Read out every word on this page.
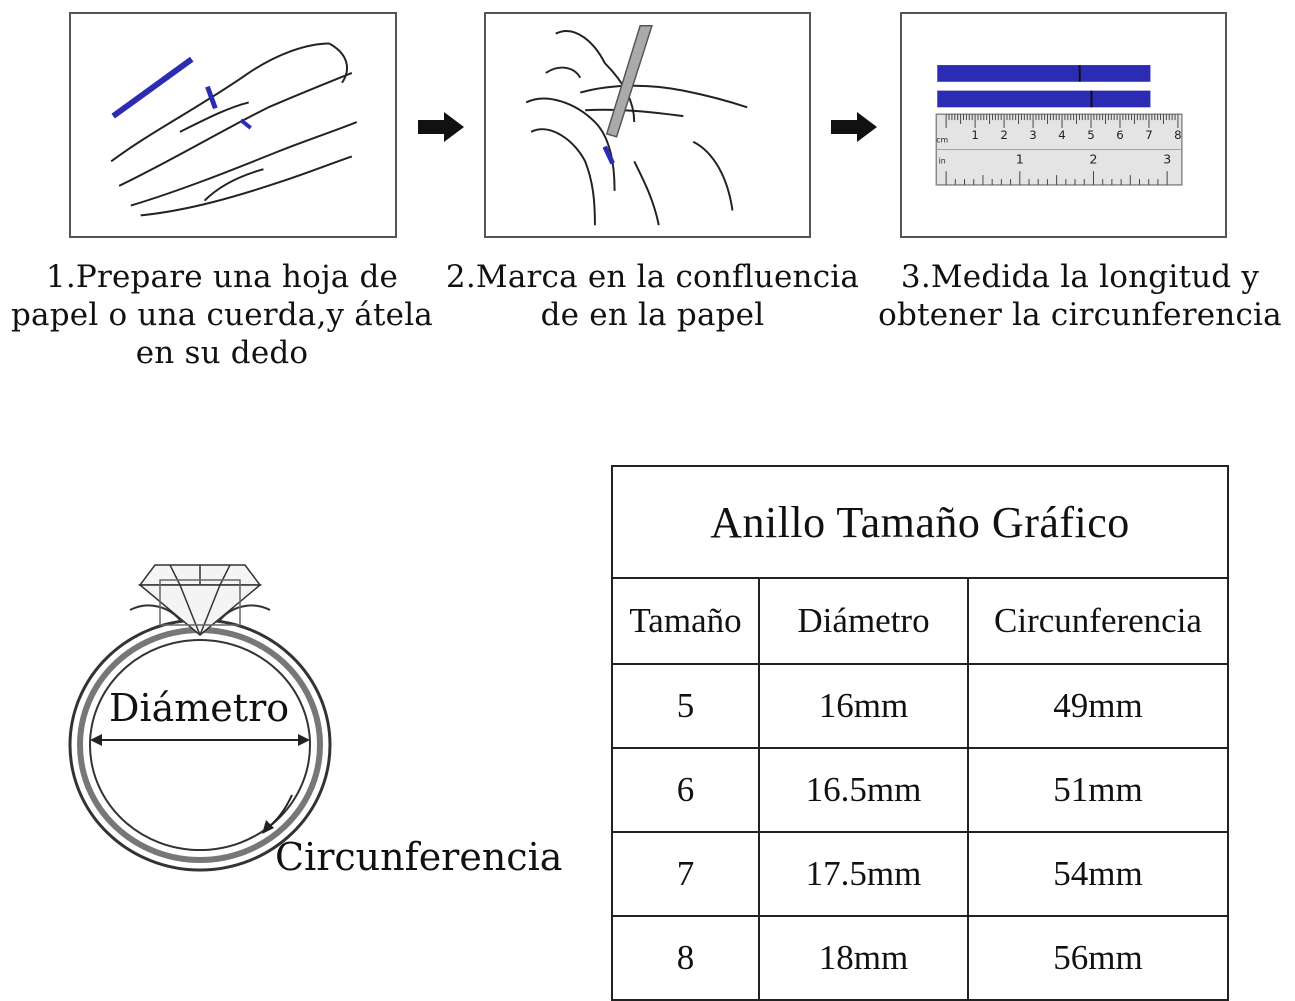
cm 1 2 3 4 5 6 7 8
in	1	2	3
1.Prepare una hoja de
papel o una cuerda,y átela
en su dedo
2.Marca en la confluencia
de en la papel
3.Medida la longitud y
obtener la circunferencia
Diámetro
Circunferencia
Anillo Tamaño Gráfico		
Tamaño	Diámetro	Circunferencia
5	16mm	49mm
6	16.5mm	51mm
7	17.5mm	54mm
8	18mm	56mm
